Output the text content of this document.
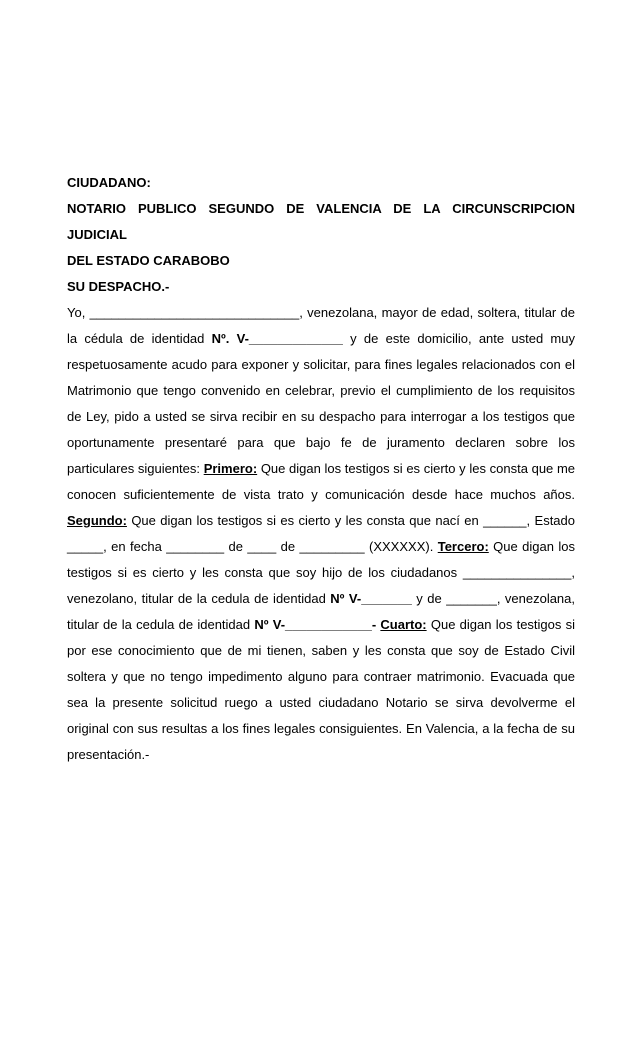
CIUDADANO:

NOTARIO PUBLICO SEGUNDO DE VALENCIA DE LA CIRCUNSCRIPCION JUDICIAL

DEL ESTADO CARABOBO

SU DESPACHO.-

Yo, _____________________________, venezolana, mayor de edad, soltera, titular de la cédula de identidad Nº. V-_____________ y de este domicilio, ante usted muy respetuosamente acudo para exponer y solicitar, para fines legales relacionados con el Matrimonio que tengo convenido en celebrar, previo el cumplimiento de los requisitos de Ley, pido a usted se sirva recibir en su despacho para interrogar a los testigos que oportunamente presentaré para que bajo fe de juramento declaren sobre los particulares siguientes: Primero: Que digan los testigos si es cierto y les consta que me conocen suficientemente de vista trato y comunicación desde hace muchos años. Segundo: Que digan los testigos si es cierto y les consta que nací en ______, Estado _____, en fecha ________ de ____ de _________ (XXXXXX). Tercero: Que digan los testigos si es cierto y les consta que soy hijo de los ciudadanos _______________, venezolano, titular de la cedula de identidad Nº V-_______ y de _______, venezolana, titular de la cedula de identidad Nº V-____________- Cuarto: Que digan los testigos si por ese conocimiento que de mi tienen, saben y les consta que soy de Estado Civil soltera y que no tengo impedimento alguno para contraer matrimonio. Evacuada que sea la presente solicitud ruego a usted ciudadano Notario se sirva devolverme el original con sus resultas a los fines legales consiguientes. En Valencia, a la fecha de su presentación.-
